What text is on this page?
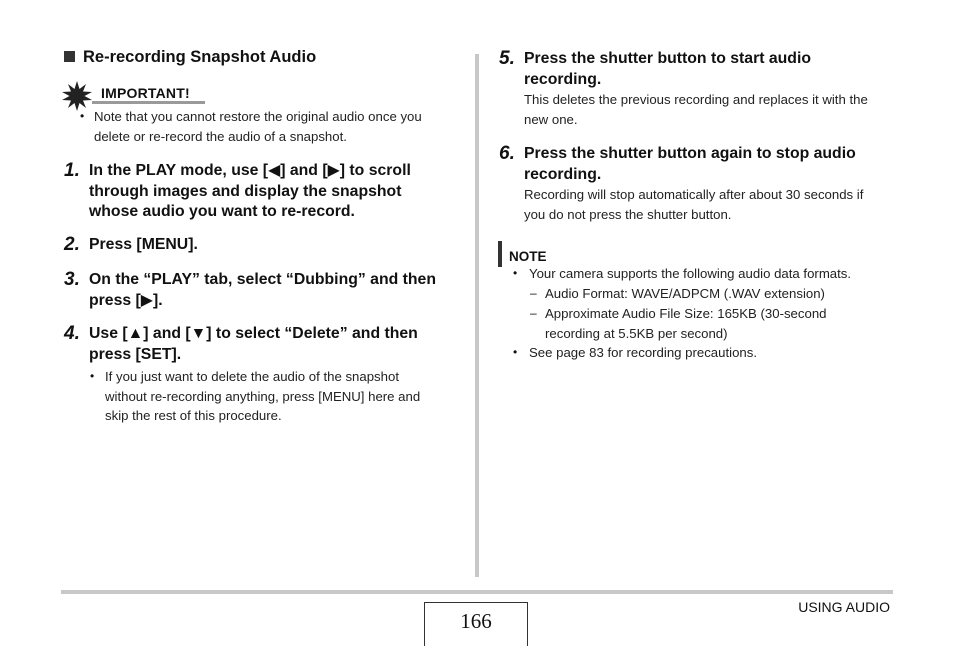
Re-recording Snapshot Audio
IMPORTANT!
• Note that you cannot restore the original audio once you
delete or re-record the audio of a snapshot.
1. In the PLAY mode, use [◀] and [▶] to scroll
through images and display the snapshot
whose audio you want to re-record.
2. Press [MENU].
3. On the “PLAY” tab, select “Dubbing” and then
press [▶].
4. Use [▲] and [▼] to select “Delete” and then
press [SET].
• If you just want to delete the audio of the snapshot
without re-recording anything, press [MENU] here and
skip the rest of this procedure.
5. Press the shutter button to start audio
recording.
This deletes the previous recording and replaces it with the
new one.
6. Press the shutter button again to stop audio
recording.
Recording will stop automatically after about 30 seconds if
you do not press the shutter button.
NOTE
• Your camera supports the following audio data formats.
– Audio Format: WAVE/ADPCM (.WAV extension)
– Approximate Audio File Size: 165KB (30-second
recording at 5.5KB per second)
• See page 83 for recording precautions.
166
USING AUDIO
